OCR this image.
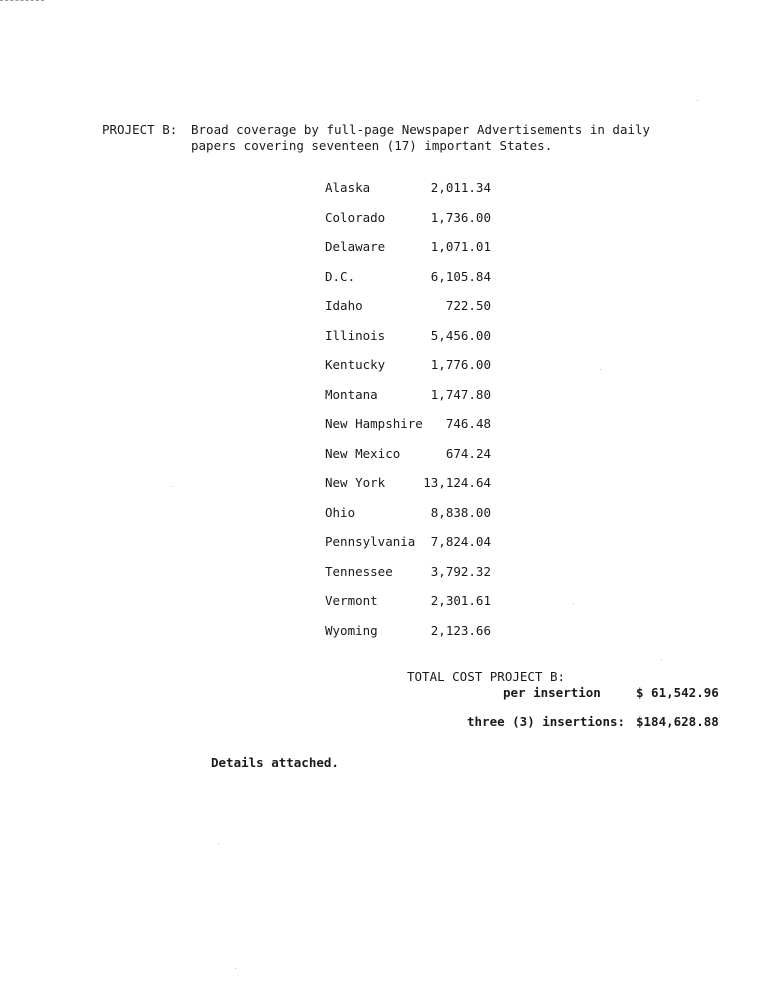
PROJECT B: Broad coverage by full-page Newspaper Advertisements in daily
papers covering seventeen (17) important States.
Alaska	2,011.34
Colorado	1,736.00
Delaware	1,071.01
D.C.	6,105.84
Idaho	722.50
Illinois	5,456.00
Kentucky	1,776.00
Montana	1,747.80
New Hampshire 746.48
New Mexico	674.24
New York	13,124.64
Ohio	8,838.00
Pennsylvania 7,824.04
Tennessee	3,792.32
Vermont	2,301.61
Wyoming	2,123.66
TOTAL COST PROJECT B:
per insertion	$ 61,542.96
three (3) insertions: $184,628.88
Details attached.
